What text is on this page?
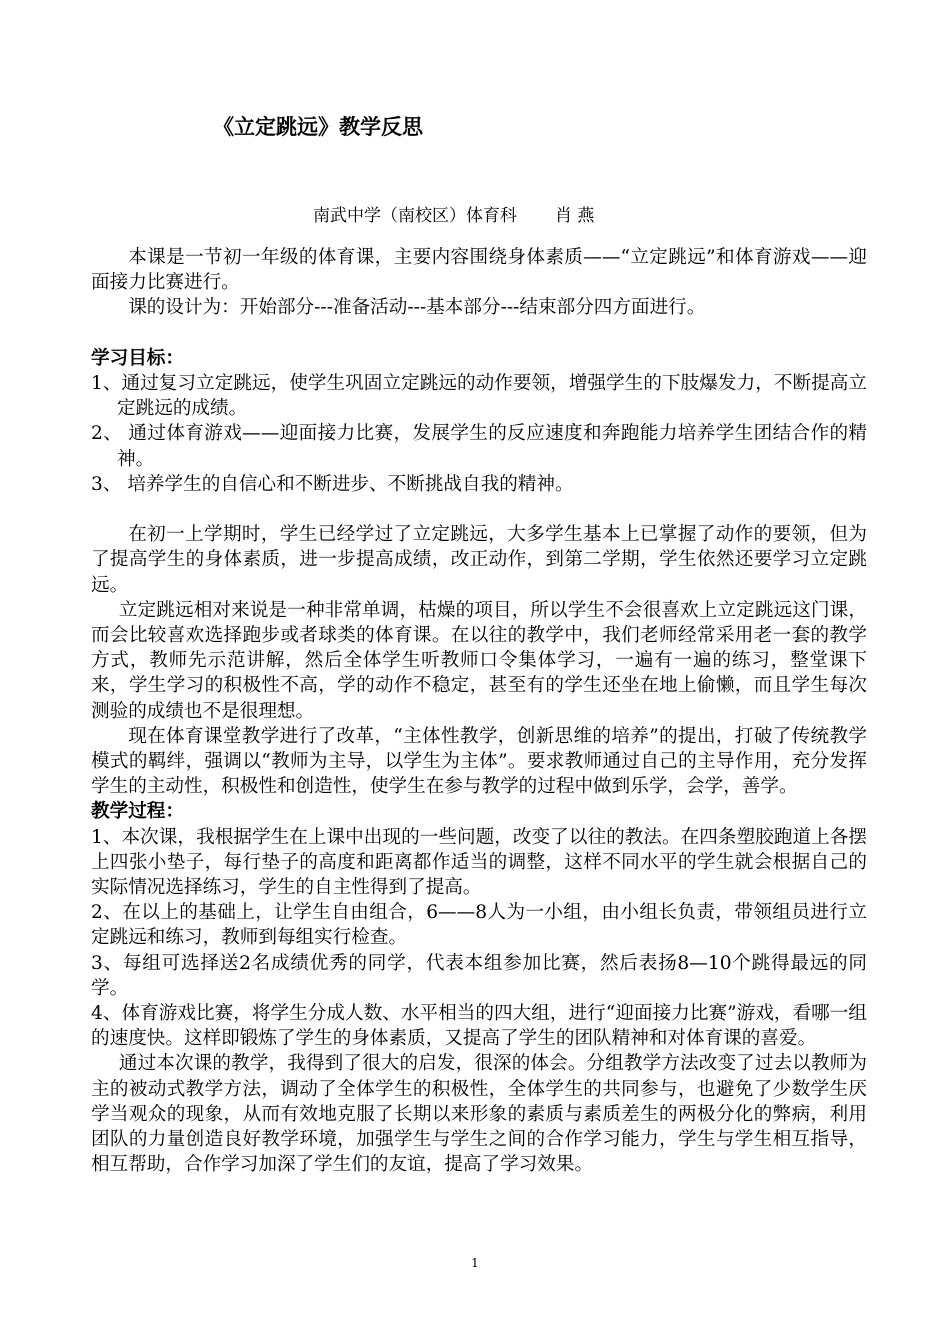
《立定跳远》教学反思
南武中学（南校区）体育科 肖 燕

本课是一节初一年级的体育课，主要内容围绕身体素质——“立定跳远”和体育游戏——迎面接力比赛进行。

课的设计为：开始部分---准备活动---基本部分---结束部分四方面进行。

学习目标：

1、通过复习立定跳远，使学生巩固立定跳远的动作要领，增强学生的下肢爆发力，不断提高立定跳远的成绩。

2、 通过体育游戏——迎面接力比赛，发展学生的反应速度和奔跑能力培养学生团结合作的精神。

3、 培养学生的自信心和不断进步、不断挑战自我的精神。

在初一上学期时，学生已经学过了立定跳远，大多学生基本上已掌握了动作的要领，但为了提高学生的身体素质，进一步提高成绩，改正动作，到第二学期，学生依然还要学习立定跳远。

立定跳远相对来说是一种非常单调，枯燥的项目，所以学生不会很喜欢上立定跳远这门课，而会比较喜欢选择跑步或者球类的体育课。在以往的教学中，我们老师经常采用老一套的教学方式，教师先示范讲解，然后全体学生听教师口令集体学习，一遍有一遍的练习，整堂课下来，学生学习的积极性不高，学的动作不稳定，甚至有的学生还坐在地上偷懒，而且学生每次测验的成绩也不是很理想。

现在体育课堂教学进行了改革，“主体性教学，创新思维的培养”的提出，打破了传统教学模式的羁绊，强调以“教师为主导，以学生为主体”。要求教师通过自己的主导作用，充分发挥学生的主动性，积极性和创造性，使学生在参与教学的过程中做到乐学，会学，善学。

教学过程：

1、本次课，我根据学生在上课中出现的一些问题，改变了以往的教法。在四条塑胶跑道上各摆上四张小垫子，每行垫子的高度和距离都作适当的调整，这样不同水平的学生就会根据自己的实际情况选择练习，学生的自主性得到了提高。

2、在以上的基础上，让学生自由组合，6——8人为一小组，由小组长负责，带领组员进行立定跳远和练习，教师到每组实行检查。

3、每组可选择送2名成绩优秀的同学，代表本组参加比赛，然后表扬8—10个跳得最远的同学。

4、体育游戏比赛，将学生分成人数、水平相当的四大组，进行“迎面接力比赛”游戏，看哪一组的速度快。这样即锻炼了学生的身体素质，又提高了学生的团队精神和对体育课的喜爱。

通过本次课的教学，我得到了很大的启发，很深的体会。分组教学方法改变了过去以教师为主的被动式教学方法，调动了全体学生的积极性，全体学生的共同参与，也避免了少数学生厌学当观众的现象，从而有效地克服了长期以来形象的素质与素质差生的两极分化的弊病，利用团队的力量创造良好教学环境，加强学生与学生之间的合作学习能力，学生与学生相互指导，相互帮助，合作学习加深了学生们的友谊，提高了学习效果。

1
